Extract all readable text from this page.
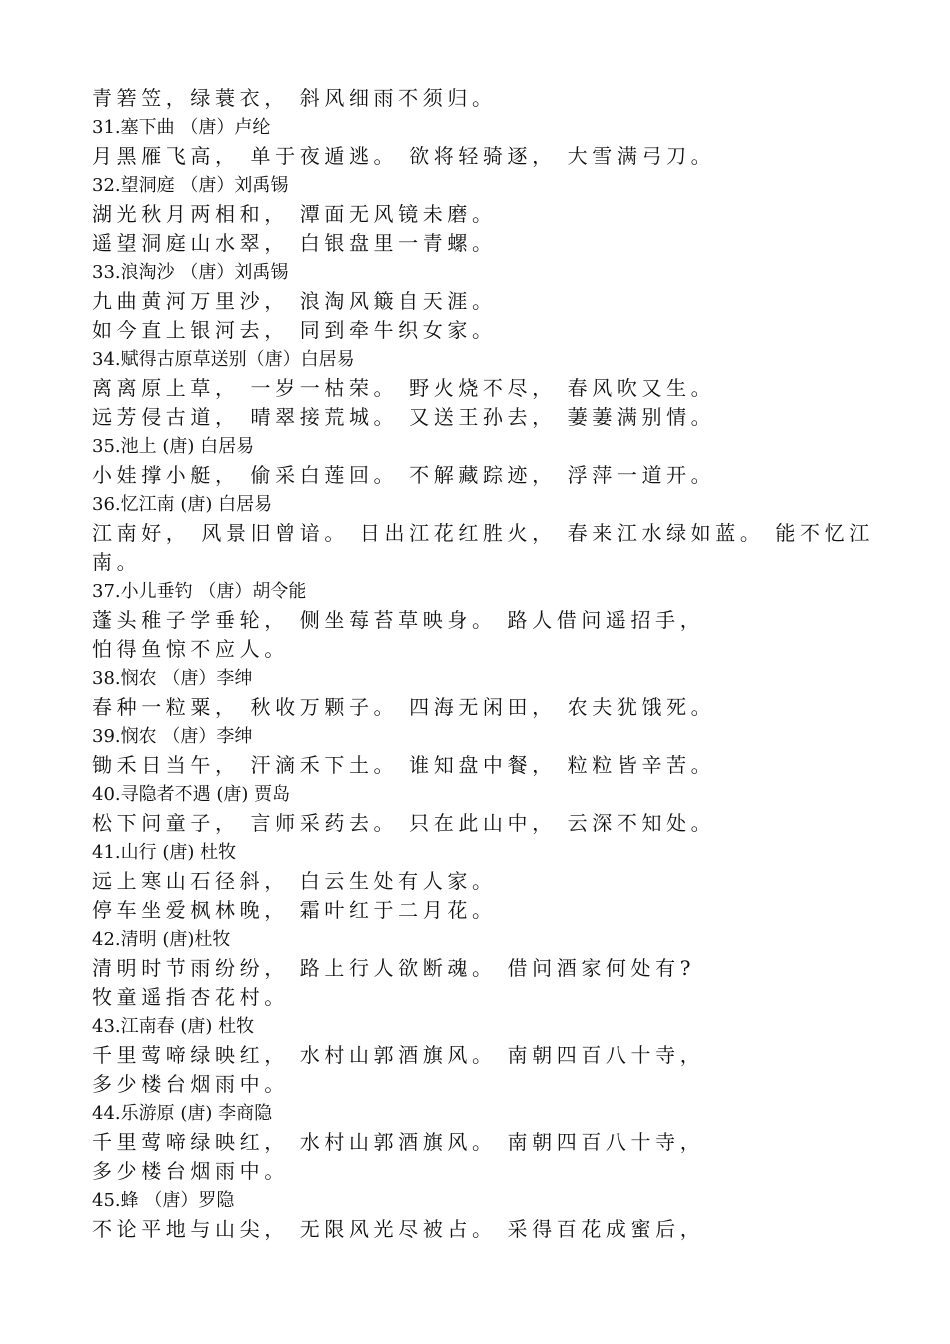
青箬笠，绿蓑衣， 斜风细雨不须归。
31.塞下曲 （唐）卢纶
月黑雁飞高， 单于夜遁逃。 欲将轻骑逐， 大雪满弓刀。
32.望洞庭 （唐）刘禹锡
湖光秋月两相和， 潭面无风镜未磨。
遥望洞庭山水翠， 白银盘里一青螺。
33.浪淘沙 （唐）刘禹锡
九曲黄河万里沙， 浪淘风簸自天涯。
如今直上银河去， 同到牵牛织女家。
34.赋得古原草送别（唐）白居易
离离原上草， 一岁一枯荣。 野火烧不尽， 春风吹又生。
远芳侵古道， 晴翠接荒城。 又送王孙去， 萋萋满别情。
35.池上 (唐) 白居易
小娃撑小艇， 偷采白莲回。 不解藏踪迹， 浮萍一道开。
36.忆江南 (唐) 白居易
江南好， 风景旧曾谙。 日出江花红胜火， 春来江水绿如蓝。 能不忆江
南。
37.小儿垂钓 （唐）胡令能
蓬头稚子学垂轮， 侧坐莓苔草映身。 路人借问遥招手，
怕得鱼惊不应人。
38.悯农 （唐）李绅
春种一粒粟， 秋收万颗子。 四海无闲田， 农夫犹饿死。
39.悯农 （唐）李绅
锄禾日当午， 汗滴禾下土。 谁知盘中餐， 粒粒皆辛苦。
40.寻隐者不遇 (唐) 贾岛
松下问童子， 言师采药去。 只在此山中， 云深不知处。
41.山行 (唐) 杜牧
远上寒山石径斜， 白云生处有人家。
停车坐爱枫林晚， 霜叶红于二月花。
42.清明 (唐)杜牧
清明时节雨纷纷， 路上行人欲断魂。 借问酒家何处有?
牧童遥指杏花村。
43.江南春 (唐) 杜牧
千里莺啼绿映红， 水村山郭酒旗风。 南朝四百八十寺，
多少楼台烟雨中。
44.乐游原 (唐) 李商隐
千里莺啼绿映红， 水村山郭酒旗风。 南朝四百八十寺，
多少楼台烟雨中。
45.蜂 （唐）罗隐
不论平地与山尖， 无限风光尽被占。 采得百花成蜜后，
